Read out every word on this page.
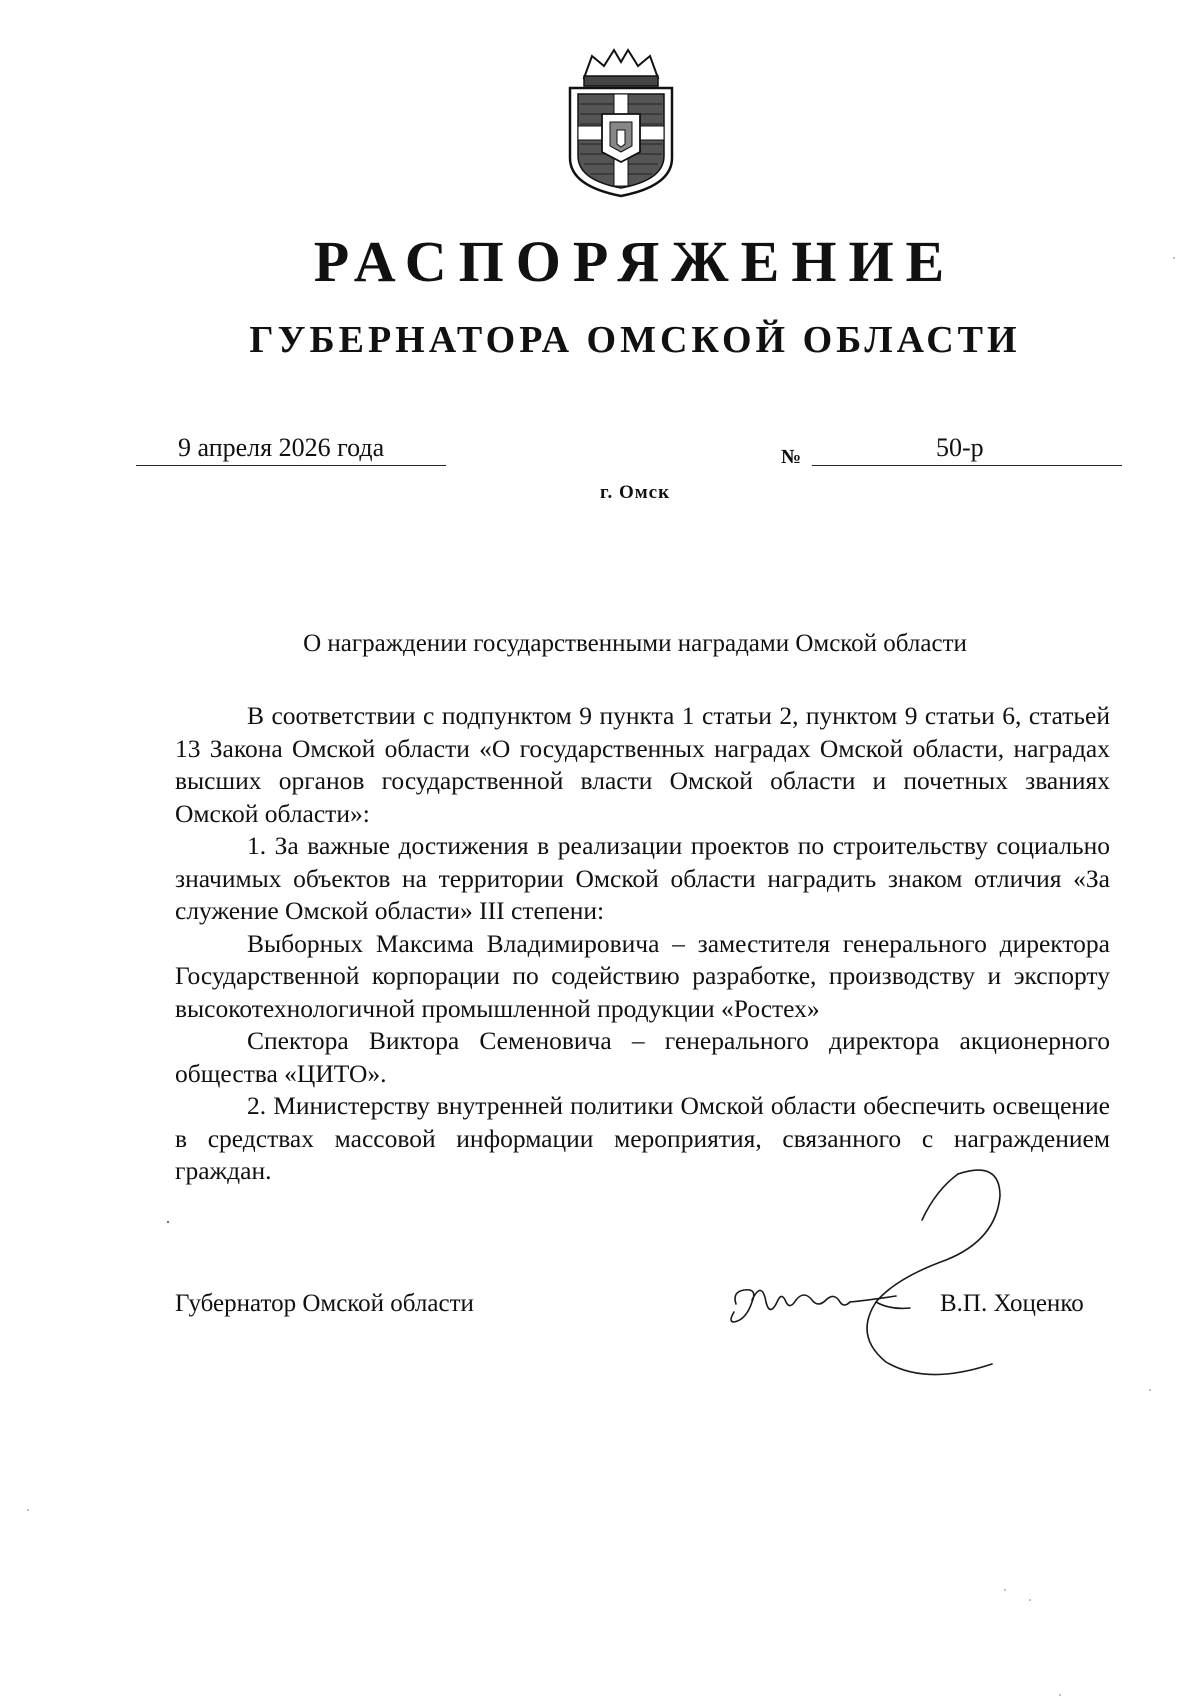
РАСПОРЯЖЕНИЕ
ГУБЕРНАТОРА ОМСКОЙ ОБЛАСТИ
9 апреля 2026 года	№	50-р
г. Омск
О награждении государственными наградами Омской области

В соответствии с подпунктом 9 пункта 1 статьи 2, пунктом 9 статьи 6, статьей 13 Закона Омской области «О государственных наградах Омской области, наградах высших органов государственной власти Омской области и почетных званиях Омской области»:

1. За важные достижения в реализации проектов по строительству социально значимых объектов на территории Омской области наградить знаком отличия «За служение Омской области» III степени:

Выборных Максима Владимировича – заместителя генерального директора Государственной корпорации по содействию разработке, производству и экспорту высокотехнологичной промышленной продукции «Ростех»

Спектора Виктора Семеновича – генерального директора акционерного общества «ЦИТО».

2. Министерству внутренней политики Омской области обеспечить освещение в средствах массовой информации мероприятия, связанного с награждением граждан.

Губернатор Омской области	В.П. Хоценко
